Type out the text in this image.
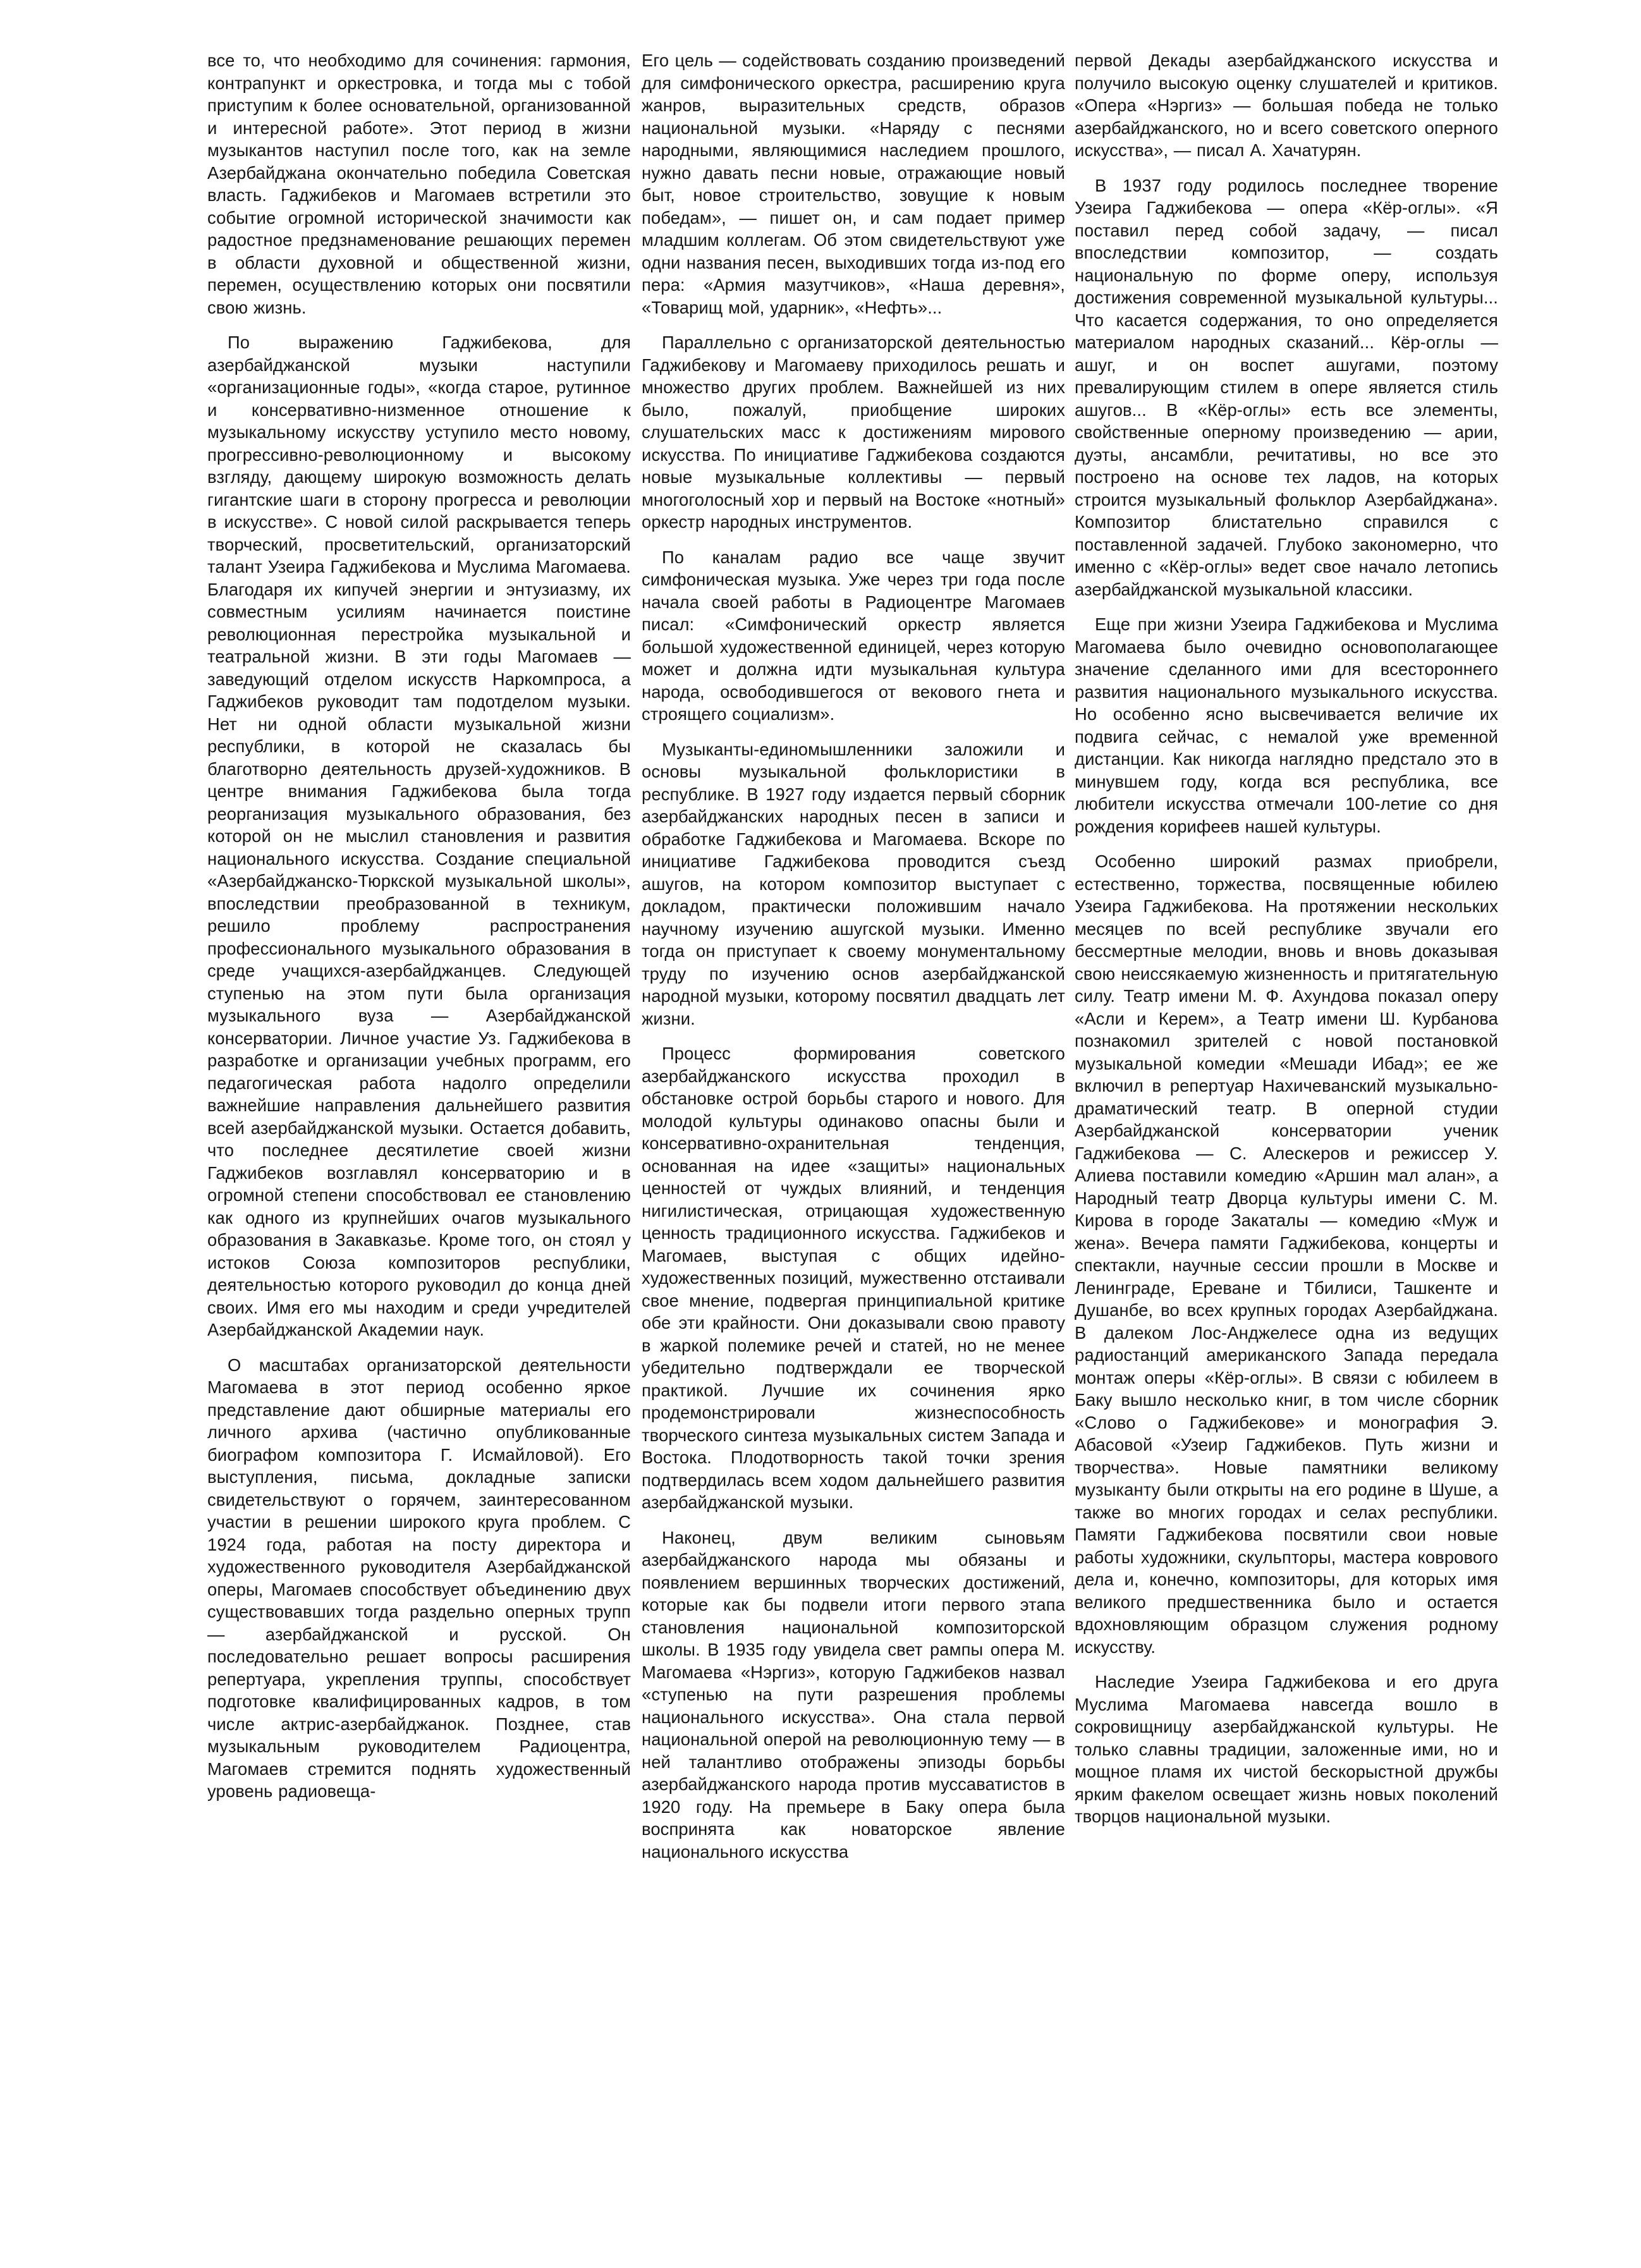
все то, что необходимо для сочинения: гармония, контрапункт и оркестровка, и тогда мы с тобой приступим к более основательной, организованной и интересной работе». Этот период в жизни музыкантов наступил после того, как на земле Азербайджана окончательно победила Советская власть. Гаджибеков и Магомаев встретили это событие огромной исторической значимости как радостное предзнаменование решающих перемен в области духовной и общественной жизни, перемен, осуществлению которых они посвятили свою жизнь.

По выражению Гаджибекова, для азербайджанской музыки наступили «организационные годы», «когда старое, рутинное и консервативно-низменное отношение к музыкальному искусству уступило место новому, прогрессивно-революционному и высокому взгляду, дающему широкую возможность делать гигантские шаги в сторону прогресса и революции в искусстве». С новой силой раскрывается теперь творческий, просветительский, организаторский талант Узеира Гаджибекова и Муслима Магомаева. Благодаря их кипучей энергии и энтузиазму, их совместным усилиям начинается поистине революционная перестройка музыкальной и театральной жизни. В эти годы Магомаев — заведующий отделом искусств Наркомпроса, а Гаджибеков руководит там подотделом музыки. Нет ни одной области музыкальной жизни республики, в которой не сказалась бы благотворно деятельность друзей-художников. В центре внимания Гаджибекова была тогда реорганизация музыкального образования, без которой он не мыслил становления и развития национального искусства. Создание специальной «Азербайджанско-Тюркской музыкальной школы», впоследствии преобразованной в техникум, решило проблему распространения профессионального музыкального образования в среде учащихся-азербайджанцев. Следующей ступенью на этом пути была организация музыкального вуза — Азербайджанской консерватории. Личное участие Уз. Гаджибекова в разработке и организации учебных программ, его педагогическая работа надолго определили важнейшие направления дальнейшего развития всей азербайджанской музыки. Остается добавить, что последнее десятилетие своей жизни Гаджибеков возглавлял консерваторию и в огромной степени способствовал ее становлению как одного из крупнейших очагов музыкального образования в Закавказье. Кроме того, он стоял у истоков Союза композиторов республики, деятельностью которого руководил до конца дней своих. Имя его мы находим и среди учредителей Азербайджанской Академии наук.

О масштабах организаторской деятельности Магомаева в этот период особенно яркое представление дают обширные материалы его личного архива (частично опубликованные биографом композитора Г. Исмайловой). Его выступления, письма, докладные записки свидетельствуют о горячем, заинтересованном участии в решении широкого круга проблем. С 1924 года, работая на посту директора и художественного руководителя Азербайджанской оперы, Магомаев способствует объединению двух существовавших тогда раздельно оперных трупп — азербайджанской и русской. Он последовательно решает вопросы расширения репертуара, укрепления труппы, способствует подготовке квалифицированных кадров, в том числе актрис-азербайджанок. Позднее, став музыкальным руководителем Радиоцентра, Магомаев стремится поднять художественный уровень радиовеща-

Его цель — содействовать созданию произведений для симфонического оркестра, расширению круга жанров, выразительных средств, образов национальной музыки. «Наряду с песнями народными, являющимися наследием прошлого, нужно давать песни новые, отражающие новый быт, новое строительство, зовущие к новым победам», — пишет он, и сам подает пример младшим коллегам. Об этом свидетельствуют уже одни названия песен, выходивших тогда из-под его пера: «Армия мазутчиков», «Наша деревня», «Товарищ мой, ударник», «Нефть»...

Параллельно с организаторской деятельностью Гаджибекову и Магомаеву приходилось решать и множество других проблем. Важнейшей из них было, пожалуй, приобщение широких слушательских масс к достижениям мирового искусства. По инициативе Гаджибекова создаются новые музыкальные коллективы — первый многоголосный хор и первый на Востоке «нотный» оркестр народных инструментов.

По каналам радио все чаще звучит симфоническая музыка. Уже через три года после начала своей работы в Радиоцентре Магомаев писал: «Симфонический оркестр является большой художественной единицей, через которую может и должна идти музыкальная культура народа, освободившегося от векового гнета и строящего социализм».

Музыканты-единомышленники заложили и основы музыкальной фольклористики в республике. В 1927 году издается первый сборник азербайджанских народных песен в записи и обработке Гаджибекова и Магомаева. Вскоре по инициативе Гаджибекова проводится съезд ашугов, на котором композитор выступает с докладом, практически положившим начало научному изучению ашугской музыки. Именно тогда он приступает к своему монументальному труду по изучению основ азербайджанской народной музыки, которому посвятил двадцать лет жизни.

Процесс формирования советского азербайджанского искусства проходил в обстановке острой борьбы старого и нового. Для молодой культуры одинаково опасны были и консервативно-охранительная тенденция, основанная на идее «защиты» национальных ценностей от чуждых влияний, и тенденция нигилистическая, отрицающая художественную ценность традиционного искусства. Гаджибеков и Магомаев, выступая с общих идейно-художественных позиций, мужественно отстаивали свое мнение, подвергая принципиальной критике обе эти крайности. Они доказывали свою правоту в жаркой полемике речей и статей, но не менее убедительно подтверждали ее творческой практикой. Лучшие их сочинения ярко продемонстрировали жизнеспособность творческого синтеза музыкальных систем Запада и Востока. Плодотворность такой точки зрения подтвердилась всем ходом дальнейшего развития азербайджанской музыки.

Наконец, двум великим сыновьям азербайджанского народа мы обязаны и появлением вершинных творческих достижений, которые как бы подвели итоги первого этапа становления национальной композиторской школы. В 1935 году увидела свет рампы опера М. Магомаева «Нэргиз», которую Гаджибеков назвал «ступенью на пути разрешения проблемы национального искусства». Она стала первой национальной оперой на революционную тему — в ней талантливо отображены эпизоды борьбы азербайджанского народа против муссаватистов в 1920 году. На премьере в Баку опера была воспринята как новаторское явление национального искусства

первой Декады азербайджанского искусства и получило высокую оценку слушателей и критиков. «Опера «Нэргиз» — большая победа не только азербайджанского, но и всего советского оперного искусства», — писал А. Хачатурян.

В 1937 году родилось последнее творение Узеира Гаджибекова — опера «Кёр-оглы». «Я поставил перед собой задачу, — писал впоследствии композитор, — создать национальную по форме оперу, используя достижения современной музыкальной культуры... Что касается содержания, то оно определяется материалом народных сказаний... Кёр-оглы — ашуг, и он воспет ашугами, поэтому превалирующим стилем в опере является стиль ашугов... В «Кёр-оглы» есть все элементы, свойственные оперному произведению — арии, дуэты, ансамбли, речитативы, но все это построено на основе тех ладов, на которых строится музыкальный фольклор Азербайджана». Композитор блистательно справился с поставленной задачей. Глубоко закономерно, что именно с «Кёр-оглы» ведет свое начало летопись азербайджанской музыкальной классики.

Еще при жизни Узеира Гаджибекова и Муслима Магомаева было очевидно основополагающее значение сделанного ими для всестороннего развития национального музыкального искусства. Но особенно ясно высвечивается величие их подвига сейчас, с немалой уже временной дистанции. Как никогда наглядно предстало это в минувшем году, когда вся республика, все любители искусства отмечали 100-летие со дня рождения корифеев нашей культуры.

Особенно широкий размах приобрели, естественно, торжества, посвященные юбилею Узеира Гаджибекова. На протяжении нескольких месяцев по всей республике звучали его бессмертные мелодии, вновь и вновь доказывая свою неиссякаемую жизненность и притягательную силу. Театр имени М. Ф. Ахундова показал оперу «Асли и Керем», а Театр имени Ш. Курбанова познакомил зрителей с новой постановкой музыкальной комедии «Мешади Ибад»; ее же включил в репертуар Нахичеванский музыкально-драматический театр. В оперной студии Азербайджанской консерватории ученик Гаджибекова — С. Алескеров и режиссер У. Алиева поставили комедию «Аршин мал алан», а Народный театр Дворца культуры имени С. М. Кирова в городе Закаталы — комедию «Муж и жена». Вечера памяти Гаджибекова, концерты и спектакли, научные сессии прошли в Москве и Ленинграде, Ереване и Тбилиси, Ташкенте и Душанбе, во всех крупных городах Азербайджана. В далеком Лос-Анджелесе одна из ведущих радиостанций американского Запада передала монтаж оперы «Кёр-оглы». В связи с юбилеем в Баку вышло несколько книг, в том числе сборник «Слово о Гаджибекове» и монография Э. Абасовой «Узеир Гаджибеков. Путь жизни и творчества». Новые памятники великому музыканту были открыты на его родине в Шуше, а также во многих городах и селах республики. Памяти Гаджибекова посвятили свои новые работы художники, скульпторы, мастера коврового дела и, конечно, композиторы, для которых имя великого предшественника было и остается вдохновляющим образцом служения родному искусству.

Наследие Узеира Гаджибекова и его друга Муслима Магомаева навсегда вошло в сокровищницу азербайджанской культуры. Не только славны традиции, заложенные ими, но и мощное пламя их чистой бескорыстной дружбы ярким факелом освещает жизнь новых поколений творцов национальной музыки.
